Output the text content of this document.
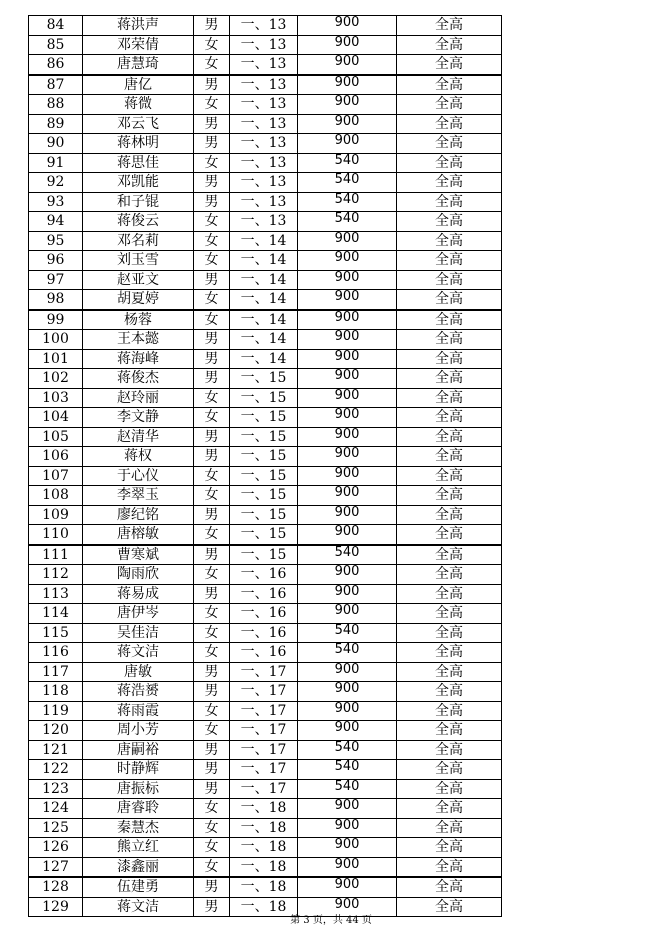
84	蒋洪声	男	一、13	900	全高
85	邓荣倩	女	一、13	900	全高
86	唐慧琦	女	一、13	900	全高
87	唐亿	男	一、13	900	全高
88	蒋微	女	一、13	900	全高
89	邓云飞	男	一、13	900	全高
90	蒋林明	男	一、13	900	全高
91	蒋思佳	女	一、13	540	全高
92	邓凯能	男	一、13	540	全高
93	和子锟	男	一、13	540	全高
94	蒋俊云	女	一、13	540	全高
95	邓名莉	女	一、14	900	全高
96	刘玉雪	女	一、14	900	全高
97	赵亚文	男	一、14	900	全高
98	胡夏婷	女	一、14	900	全高
99	杨蓉	女	一、14	900	全高
100	王本懿	男	一、14	900	全高
101	蒋海峰	男	一、14	900	全高
102	蒋俊杰	男	一、15	900	全高
103	赵玲丽	女	一、15	900	全高
104	李文静	女	一、15	900	全高
105	赵清华	男	一、15	900	全高
106	蒋权	男	一、15	900	全高
107	于心仪	女	一、15	900	全高
108	李翠玉	女	一、15	900	全高
109	廖纪铭	男	一、15	900	全高
110	唐榕敏	女	一、15	900	全高
111	曹寒斌	男	一、15	540	全高
112	陶雨欣	女	一、16	900	全高
113	蒋易成	男	一、16	900	全高
114	唐伊岑	女	一、16	900	全高
115	吴佳洁	女	一、16	540	全高
116	蒋文洁	女	一、16	540	全高
117	唐敏	男	一、17	900	全高
118	蒋浩赟	男	一、17	900	全高
119	蒋雨霞	女	一、17	900	全高
120	周小芳	女	一、17	900	全高
121	唐嗣裕	男	一、17	540	全高
122	时静辉	男	一、17	540	全高
123	唐振标	男	一、17	540	全高
124	唐睿聆	女	一、18	900	全高
125	秦慧杰	女	一、18	900	全高
126	熊立红	女	一、18	900	全高
127	漆鑫丽	女	一、18	900	全高
128	伍建勇	男	一、18	900	全高
129	蒋文洁	男	一、18	900	全高
第 3 页，共 44 页
